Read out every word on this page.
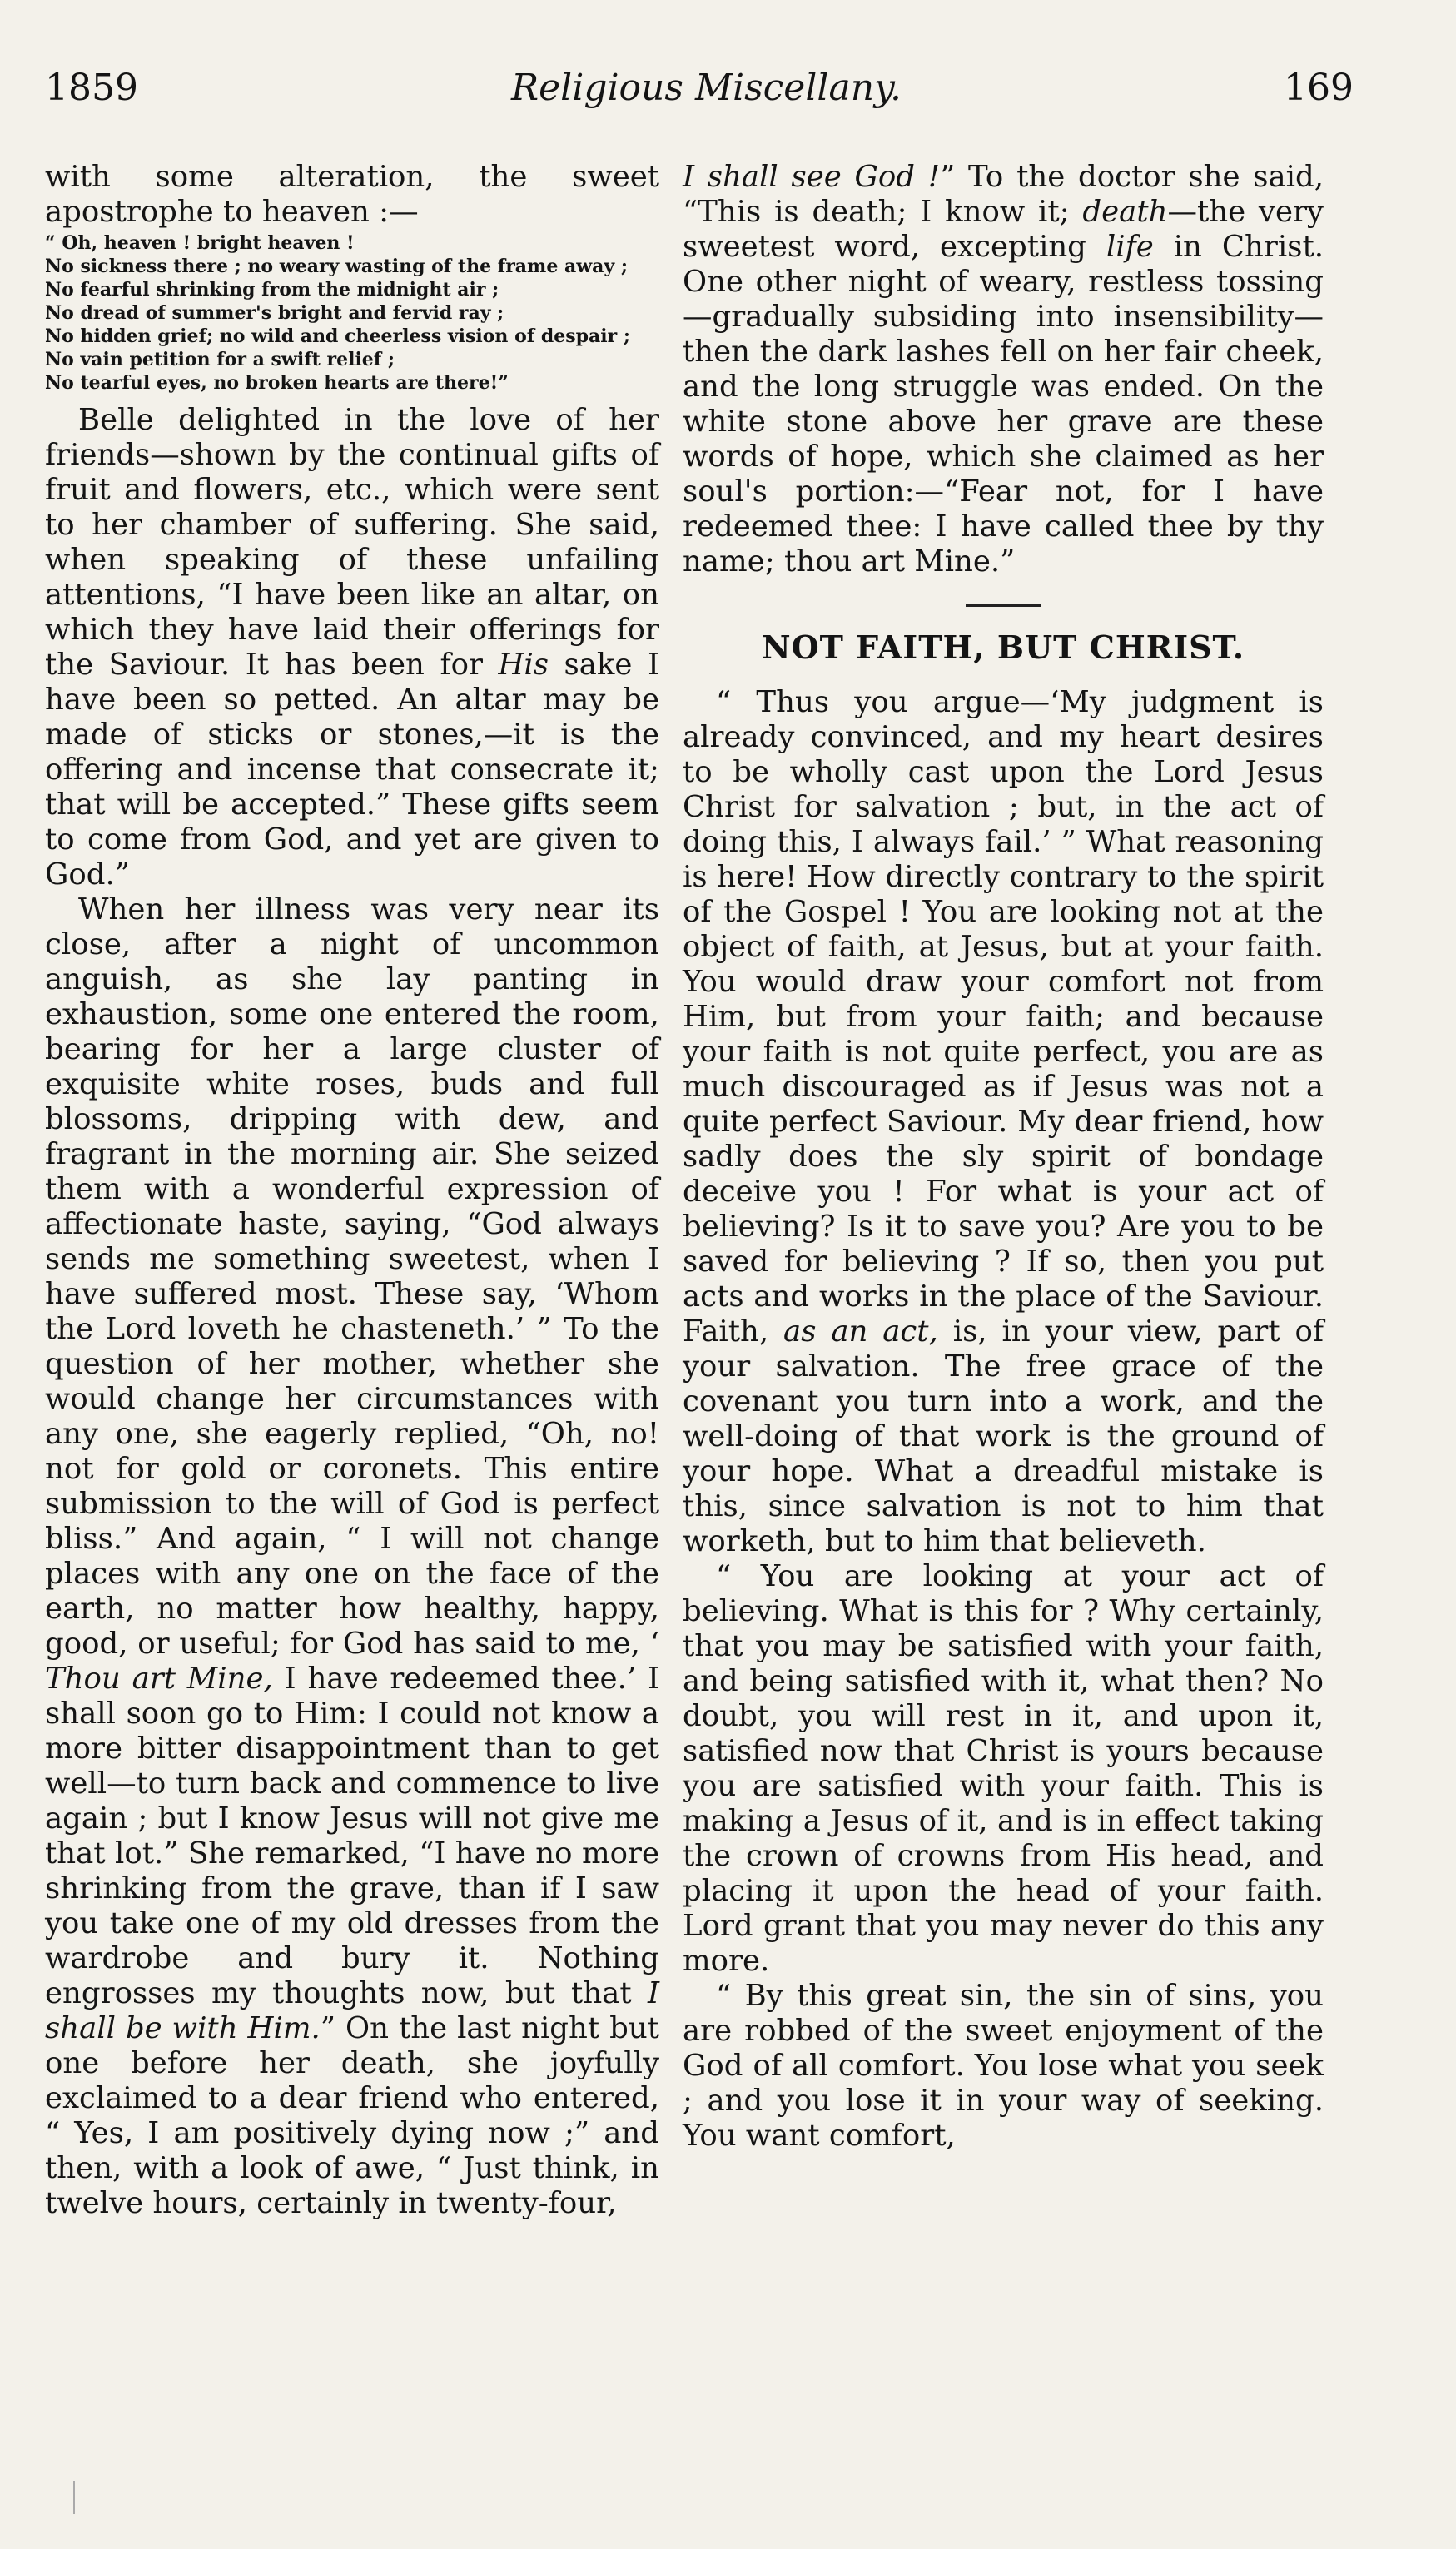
1859	Religious Miscellany.	169

with some alteration, the sweet apostrophe to heaven :—

“ Oh, heaven ! bright heaven !
No sickness there ; no weary wasting of the frame away ;
No fearful shrinking from the midnight air ;
No dread of summer's bright and fervid ray ;
No hidden grief; no wild and cheerless vision of despair ;
No vain petition for a swift relief ;
No tearful eyes, no broken hearts are there!”

Belle delighted in the love of her friends—shown by the continual gifts of fruit and flowers, etc., which were sent to her chamber of suffering. She said, when speaking of these unfailing attentions, “I have been like an altar, on which they have laid their offerings for the Saviour. It has been for His sake I have been so petted. An altar may be made of sticks or stones,—it is the offering and incense that consecrate it; that will be accepted.” These gifts seem to come from God, and yet are given to God.”

When her illness was very near its close, after a night of uncommon anguish, as she lay panting in exhaustion, some one entered the room, bearing for her a large cluster of exquisite white roses, buds and full blossoms, dripping with dew, and fragrant in the morning air. She seized them with a wonderful expression of affectionate haste, saying, “God always sends me something sweetest, when I have suffered most. These say, ‘Whom the Lord loveth he chasteneth.’ ” To the question of her mother, whether she would change her circumstances with any one, she eagerly replied, “Oh, no! not for gold or coronets. This entire submission to the will of God is perfect bliss.” And again, “ I will not change places with any one on the face of the earth, no matter how healthy, happy, good, or useful; for God has said to me, ‘ Thou art Mine, I have redeemed thee.’ I shall soon go to Him: I could not know a more bitter disappointment than to get well—to turn back and commence to live again ; but I know Jesus will not give me that lot.” She remarked, “I have no more shrinking from the grave, than if I saw you take one of my old dresses from the wardrobe and bury it. Nothing engrosses my thoughts now, but that I shall be with Him.” On the last night but one before her death, she joyfully exclaimed to a dear friend who entered, “ Yes, I am positively dying now ;” and then, with a look of awe, “ Just think, in twelve hours, certainly in twenty-four,

I shall see God !” To the doctor she said, “This is death; I know it; death—the very sweetest word, excepting life in Christ. One other night of weary, restless tossing—gradually subsiding into insensibility—then the dark lashes fell on her fair cheek, and the long struggle was ended. On the white stone above her grave are these words of hope, which she claimed as her soul's portion:—“Fear not, for I have redeemed thee: I have called thee by thy name; thou art Mine.”

NOT FAITH, BUT CHRIST.

“ Thus you argue—‘My judgment is already convinced, and my heart desires to be wholly cast upon the Lord Jesus Christ for salvation ; but, in the act of doing this, I always fail.’ ” What reasoning is here! How directly contrary to the spirit of the Gospel ! You are looking not at the object of faith, at Jesus, but at your faith. You would draw your comfort not from Him, but from your faith; and because your faith is not quite perfect, you are as much discouraged as if Jesus was not a quite perfect Saviour. My dear friend, how sadly does the sly spirit of bondage deceive you ! For what is your act of believing? Is it to save you? Are you to be saved for believing ? If so, then you put acts and works in the place of the Saviour. Faith, as an act, is, in your view, part of your salvation. The free grace of the covenant you turn into a work, and the well-doing of that work is the ground of your hope. What a dreadful mistake is this, since salvation is not to him that worketh, but to him that believeth.

“ You are looking at your act of believing. What is this for ? Why certainly, that you may be satisfied with your faith, and being satisfied with it, what then? No doubt, you will rest in it, and upon it, satisfied now that Christ is yours because you are satisfied with your faith. This is making a Jesus of it, and is in effect taking the crown of crowns from His head, and placing it upon the head of your faith. Lord grant that you may never do this any more.

“ By this great sin, the sin of sins, you are robbed of the sweet enjoyment of the God of all comfort. You lose what you seek ; and you lose it in your way of seeking. You want comfort,
